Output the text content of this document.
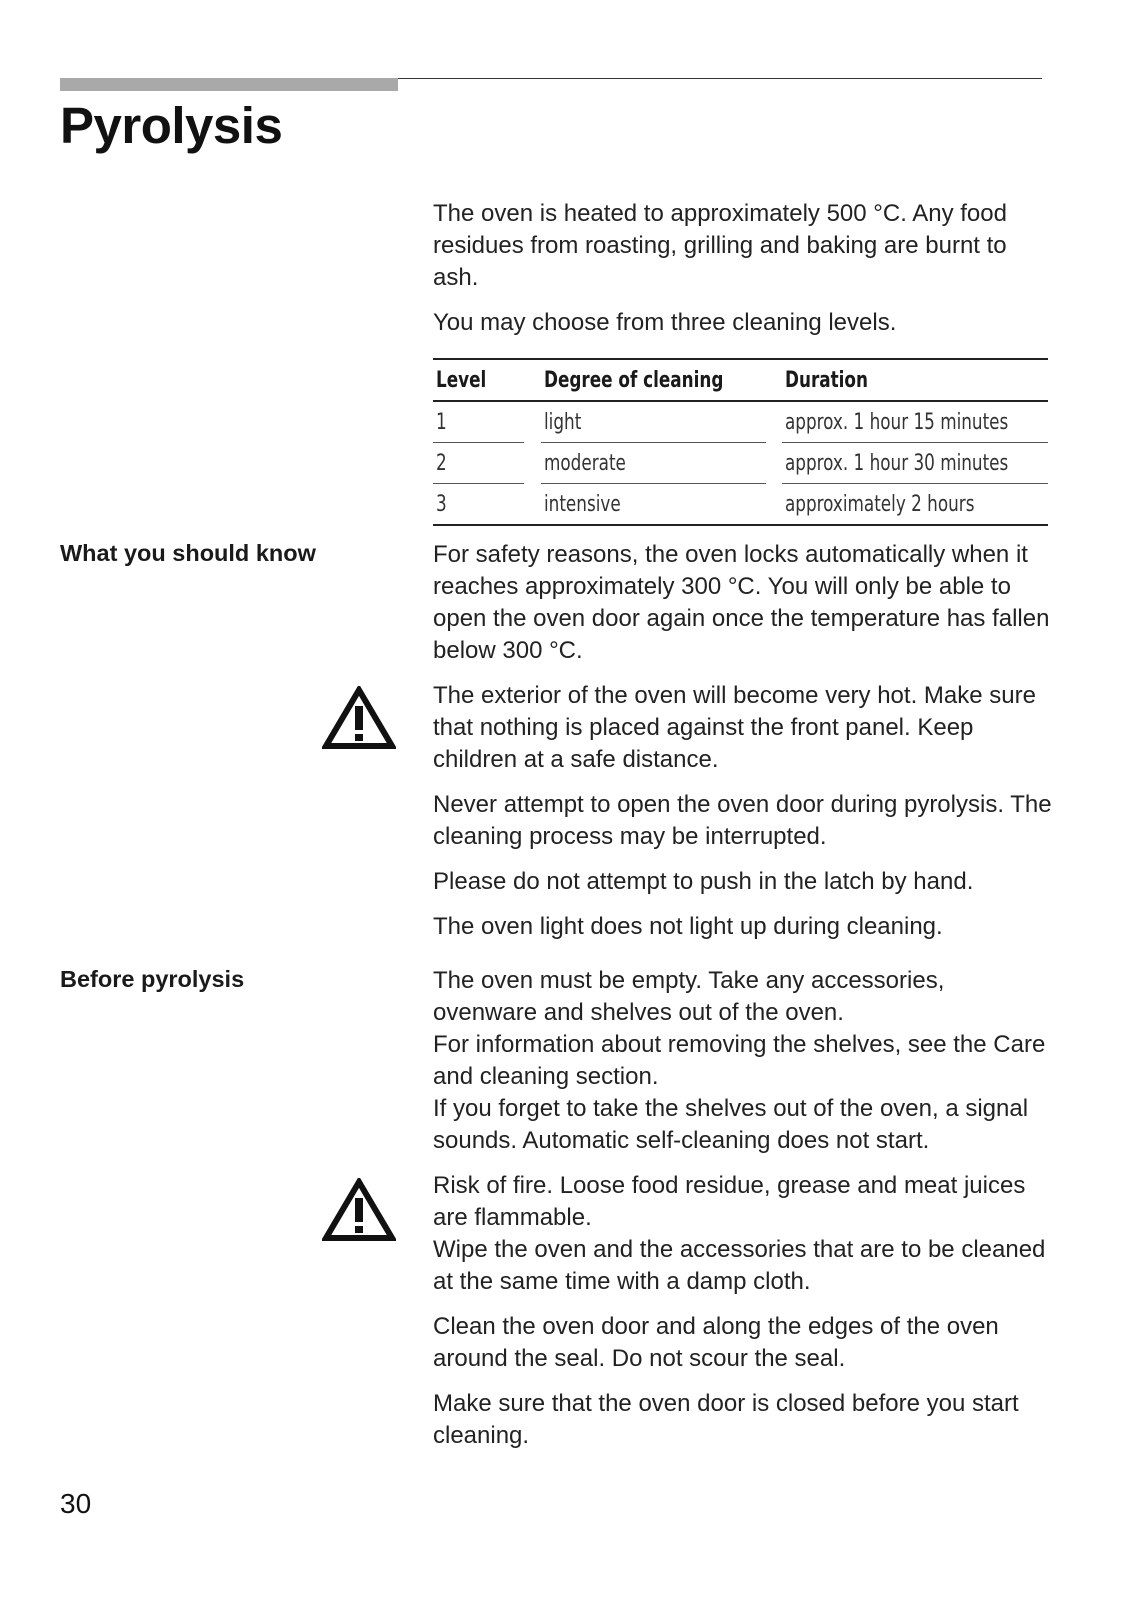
Pyrolysis

The oven is heated to approximately 500 °C. Any food residues from roasting, grilling and baking are burnt to ash.

You may choose from three cleaning levels.

Level		Degree of cleaning		Duration
1		light		approx. 1 hour 15 minutes
2		moderate		approx. 1 hour 30 minutes
3		intensive		approximately 2 hours
What you should know	For safety reasons, the oven locks automatically when it reaches approximately 300 °C. You will only be able to open the oven door again once the temperature has fallen below 300 °C.

The exterior of the oven will become very hot. Make sure that nothing is placed against the front panel. Keep children at a safe distance.

Never attempt to open the oven door during pyrolysis. The cleaning process may be interrupted.

Please do not attempt to push in the latch by hand.

The oven light does not light up during cleaning.

Before pyrolysis	The oven must be empty. Take any accessories, ovenware and shelves out of the oven.

For information about removing the shelves, see the Care and cleaning section.

If you forget to take the shelves out of the oven, a signal sounds. Automatic self-cleaning does not start.

Risk of fire. Loose food residue, grease and meat juices are flammable.

Wipe the oven and the accessories that are to be cleaned at the same time with a damp cloth.

Clean the oven door and along the edges of the oven around the seal. Do not scour the seal.

Make sure that the oven door is closed before you start cleaning.

30
